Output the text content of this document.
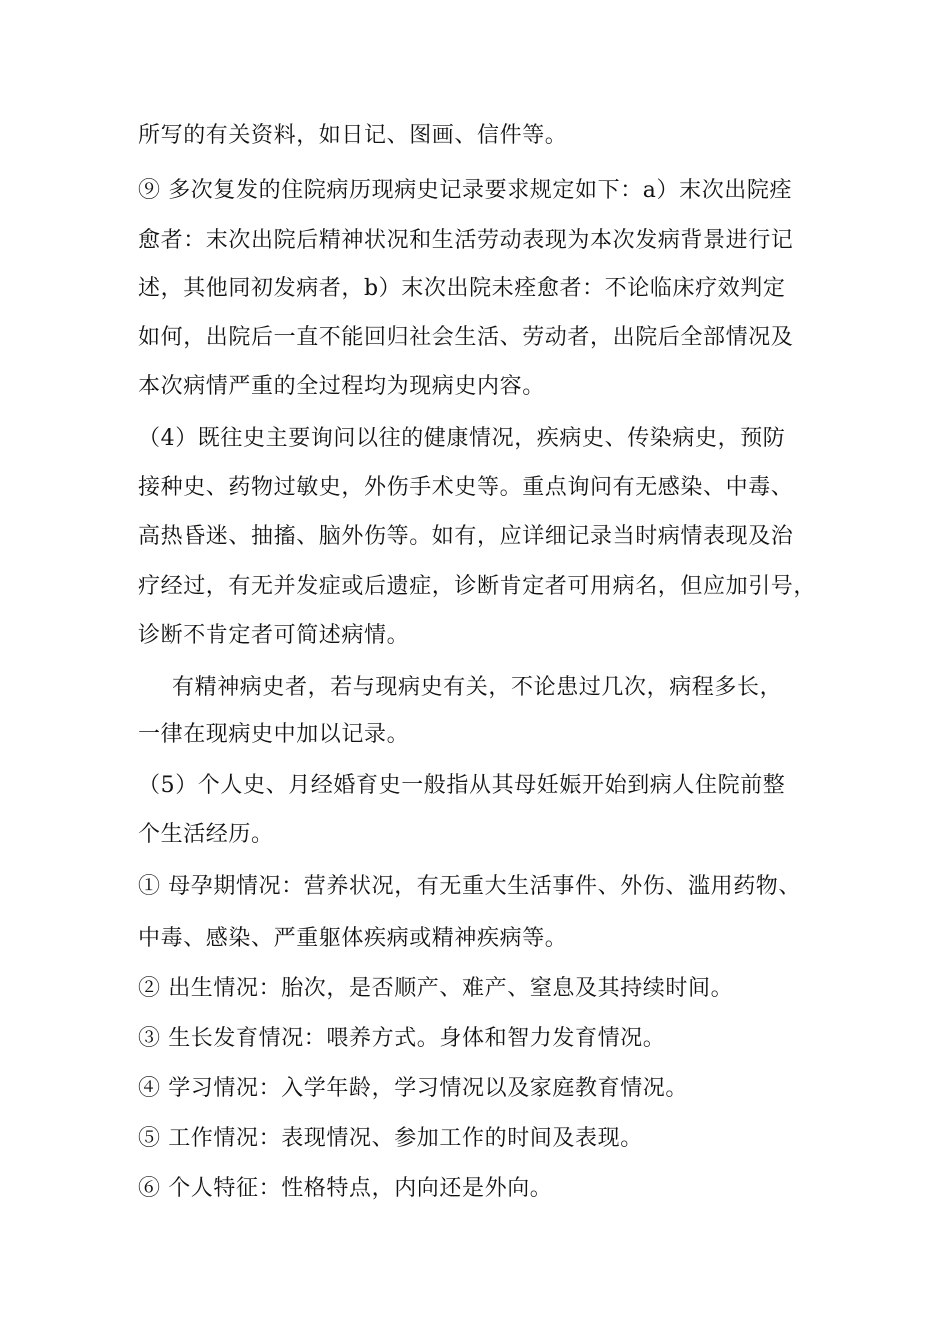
所写的有关资料，如日记、图画、信件等。
⑨ 多次复发的住院病历现病史记录要求规定如下：a）末次出院痊
愈者：末次出院后精神状况和生活劳动表现为本次发病背景进行记
述，其他同初发病者，b）末次出院未痊愈者：不论临床疗效判定
如何，出院后一直不能回归社会生活、劳动者，出院后全部情况及
本次病情严重的全过程均为现病史内容。
（4）既往史主要询问以往的健康情况，疾病史、传染病史，预防
接种史、药物过敏史，外伤手术史等。重点询问有无感染、中毒、
高热昏迷、抽搐、脑外伤等。如有，应详细记录当时病情表现及治
疗经过，有无并发症或后遗症，诊断肯定者可用病名，但应加引号，
诊断不肯定者可简述病情。
有精神病史者，若与现病史有关，不论患过几次，病程多长，
一律在现病史中加以记录。
（5）个人史、月经婚育史一般指从其母妊娠开始到病人住院前整
个生活经历。
① 母孕期情况：营养状况，有无重大生活事件、外伤、滥用药物、
中毒、感染、严重躯体疾病或精神疾病等。
② 出生情况：胎次，是否顺产、难产、窒息及其持续时间。
③ 生长发育情况：喂养方式。身体和智力发育情况。
④ 学习情况：入学年龄，学习情况以及家庭教育情况。
⑤ 工作情况：表现情况、参加工作的时间及表现。
⑥ 个人特征：性格特点，内向还是外向。
